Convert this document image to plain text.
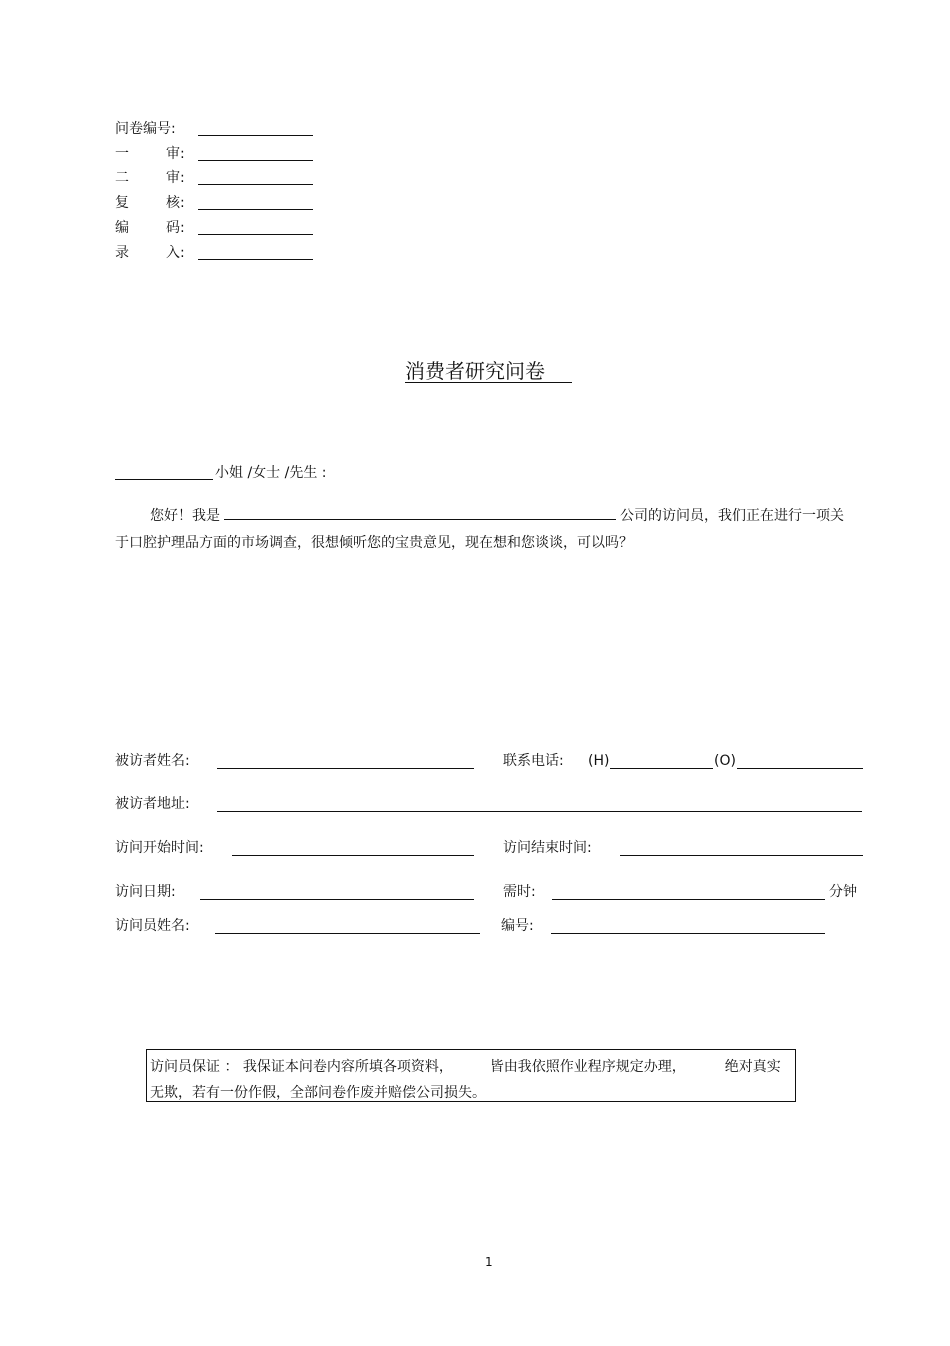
问卷编号:
一	审:
二	审:
复	核:
编	码:
录	入:
消费者研究问卷
小姐 /女士 /先生 :
您好！我是	公司的访问员，我们正在进行一项关于口腔护理品方面的市场调查，很想倾听您的宝贵意见，现在想和您谈谈，可以吗？
被访者姓名:	联系电话: (H)	(O)
被访者地址:
访问开始时间:	访问结束时间:
访问日期:	需时:	分钟
访问员姓名:	编号:
访问员保证 ： 我保证本问卷内容所填各项资料，	皆由我依照作业程序规定办理，	绝对真实
无欺，若有一份作假，全部问卷作废并赔偿公司损失。
1
